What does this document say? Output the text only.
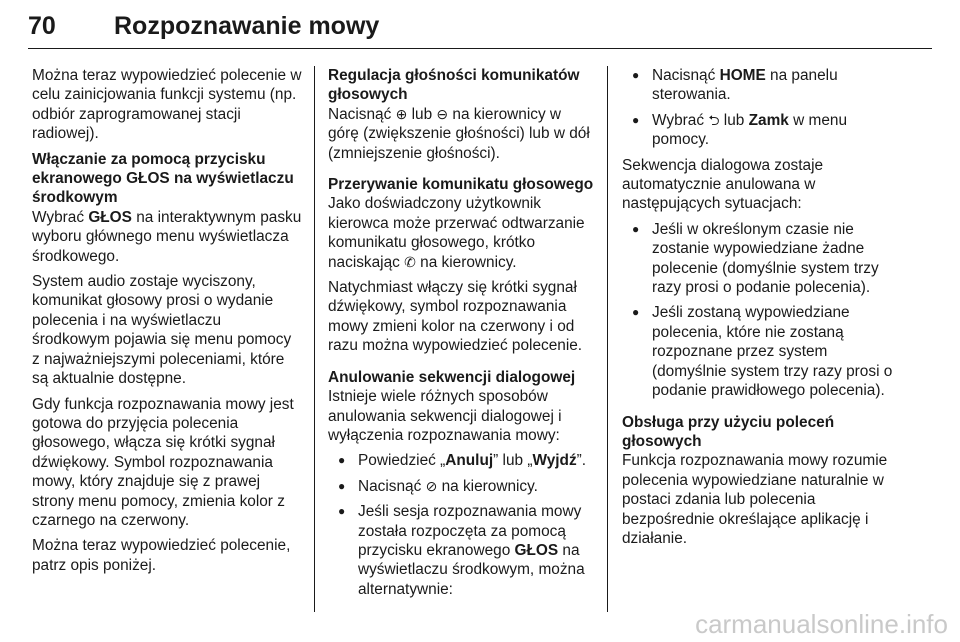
70 Rozpoznawanie mowy

Można teraz wypowiedzieć polecenie w celu zainicjowania funkcji systemu (np. odbiór zaprogramowanej stacji radiowej).

Włączanie za pomocą przycisku ekranowego GŁOS na wyświetlaczu środkowym

Wybrać GŁOS na interaktywnym pasku wyboru głównego menu wyświetlacza środkowego.

System audio zostaje wyciszony, komunikat głosowy prosi o wydanie polecenia i na wyświetlaczu środkowym pojawia się menu pomocy z najważniejszymi poleceniami, które są aktualnie dostępne.

Gdy funkcja rozpoznawania mowy jest gotowa do przyjęcia polecenia głosowego, włącza się krótki sygnał dźwiękowy. Symbol rozpoznawania mowy, który znajduje się z prawej strony menu pomocy, zmienia kolor z czarnego na czerwony.

Można teraz wypowiedzieć polecenie, patrz opis poniżej.

Regulacja głośności komunikatów głosowych

Nacisnąć ⊕ lub ⊖ na kierownicy w górę (zwiększenie głośności) lub w dół (zmniejszenie głośności).

Przerywanie komunikatu głosowego

Jako doświadczony użytkownik kierowca może przerwać odtwarzanie komunikatu głosowego, krótko naciskając ✆ na kierownicy.

Natychmiast włączy się krótki sygnał dźwiękowy, symbol rozpoznawania mowy zmieni kolor na czerwony i od razu można wypowiedzieć polecenie.

Anulowanie sekwencji dialogowej

Istnieje wiele różnych sposobów anulowania sekwencji dialogowej i wyłączenia rozpoznawania mowy:

● Powiedzieć „Anuluj” lub „Wyjdź”.
● Nacisnąć ⊘ na kierownicy.
● Jeśli sesja rozpoznawania mowy została rozpoczęta za pomocą przycisku ekranowego GŁOS na wyświetlaczu środkowym, można alternatywnie:
● Nacisnąć HOME na panelu sterowania.
● Wybrać ⮌ lub Zamk w menu pomocy.

Sekwencja dialogowa zostaje automatycznie anulowana w następujących sytuacjach:

● Jeśli w określonym czasie nie zostanie wypowiedziane żadne polecenie (domyślnie system trzy razy prosi o podanie polecenia).
● Jeśli zostaną wypowiedziane polecenia, które nie zostaną rozpoznane przez system (domyślnie system trzy razy prosi o podanie prawidłowego polecenia).
Obsługa przy użyciu poleceń głosowych

Funkcja rozpoznawania mowy rozumie polecenia wypowiedziane naturalnie w postaci zdania lub polecenia bezpośrednie określające aplikację i działanie.

carmanualsonline.info
